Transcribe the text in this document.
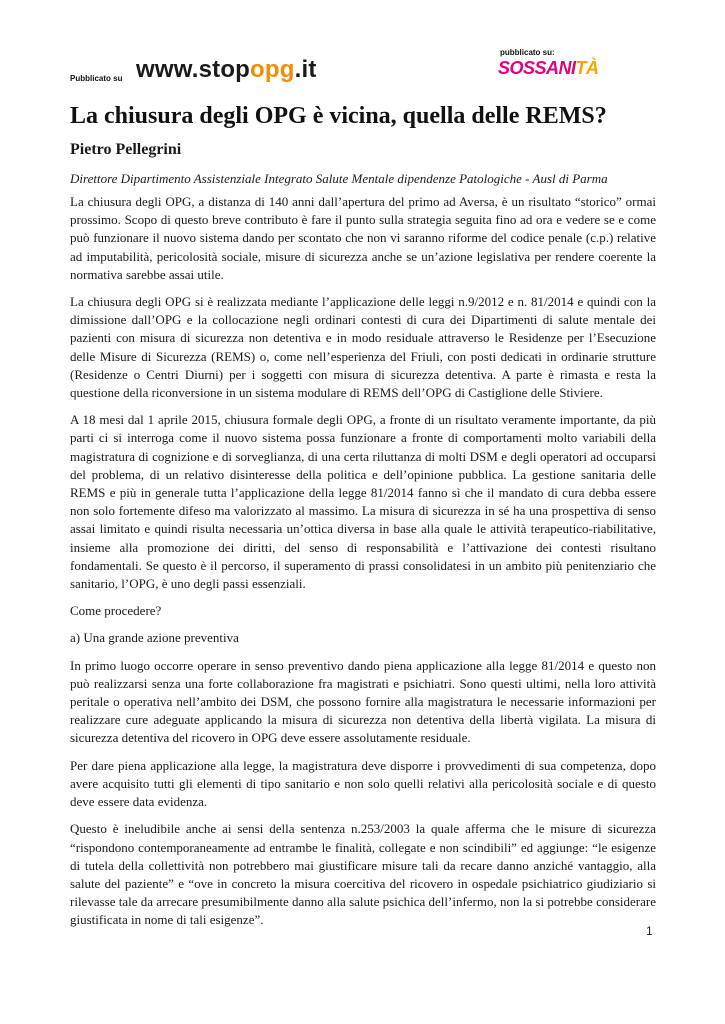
Pubblicato su www.stopopg.it
pubblicato su:
SOSSANITÀ
La chiusura degli OPG è vicina, quella delle REMS?
Pietro Pellegrini
Direttore Dipartimento Assistenziale Integrato Salute Mentale dipendenze Patologiche - Ausl di Parma

La chiusura degli OPG, a distanza di 140 anni dall’apertura del primo ad Aversa, è un risultato “storico” ormai prossimo. Scopo di questo breve contributo è fare il punto sulla strategia seguita fino ad ora e vedere se e come può funzionare il nuovo sistema dando per scontato che non vi saranno riforme del codice penale (c.p.) relative ad imputabilità, pericolosità sociale, misure di sicurezza anche se un’azione legislativa per rendere coerente la normativa sarebbe assai utile.

La chiusura degli OPG si è realizzata mediante l’applicazione delle leggi n.9/2012 e n. 81/2014 e quindi con la dimissione dall’OPG e la collocazione negli ordinari contesti di cura dei Dipartimenti di salute mentale dei pazienti con misura di sicurezza non detentiva e in modo residuale attraverso le Residenze per l’Esecuzione delle Misure di Sicurezza (REMS) o, come nell’esperienza del Friuli, con posti dedicati in ordinarie strutture (Residenze o Centri Diurni) per i soggetti con misura di sicurezza detentiva. A parte è rimasta e resta la questione della riconversione in un sistema modulare di REMS dell’OPG di Castiglione delle Stiviere.

A 18 mesi dal 1 aprile 2015, chiusura formale degli OPG, a fronte di un risultato veramente importante, da più parti ci si interroga come il nuovo sistema possa funzionare a fronte di comportamenti molto variabili della magistratura di cognizione e di sorveglianza, di una certa riluttanza di molti DSM e degli operatori ad occuparsi del problema, di un relativo disinteresse della politica e dell’opinione pubblica. La gestione sanitaria delle REMS e più in generale tutta l’applicazione della legge 81/2014 fanno sì che il mandato di cura debba essere non solo fortemente difeso ma valorizzato al massimo. La misura di sicurezza in sé ha una prospettiva di senso assai limitato e quindi risulta necessaria un’ottica diversa in base alla quale le attività terapeutico-riabilitative, insieme alla promozione dei diritti, del senso di responsabilità e l’attivazione dei contesti risultano fondamentali. Se questo è il percorso, il superamento di prassi consolidatesi in un ambito più penitenziario che sanitario, l’OPG, è uno degli passi essenziali.

Come procedere?

a) Una grande azione preventiva

In primo luogo occorre operare in senso preventivo dando piena applicazione alla legge 81/2014 e questo non può realizzarsi senza una forte collaborazione fra magistrati e psichiatri. Sono questi ultimi, nella loro attività peritale o operativa nell’ambito dei DSM, che possono fornire alla magistratura le necessarie informazioni per realizzare cure adeguate applicando la misura di sicurezza non detentiva della libertà vigilata. La misura di sicurezza detentiva del ricovero in OPG deve essere assolutamente residuale.

Per dare piena applicazione alla legge, la magistratura deve disporre i provvedimenti di sua competenza, dopo avere acquisito tutti gli elementi di tipo sanitario e non solo quelli relativi alla pericolosità sociale e di questo deve essere data evidenza.

Questo è ineludibile anche ai sensi della sentenza n.253/2003 la quale afferma che le misure di sicurezza “rispondono contemporaneamente ad entrambe le finalità, collegate e non scindibili” ed aggiunge: “le esigenze di tutela della collettività non potrebbero mai giustificare misure tali da recare danno anziché vantaggio, alla salute del paziente” e “ove in concreto la misura coercitiva del ricovero in ospedale psichiatrico giudiziario si rilevasse tale da arrecare presumibilmente danno alla salute psichica dell’infermo, non la si potrebbe considerare giustificata in nome di tali esigenze”.

1
